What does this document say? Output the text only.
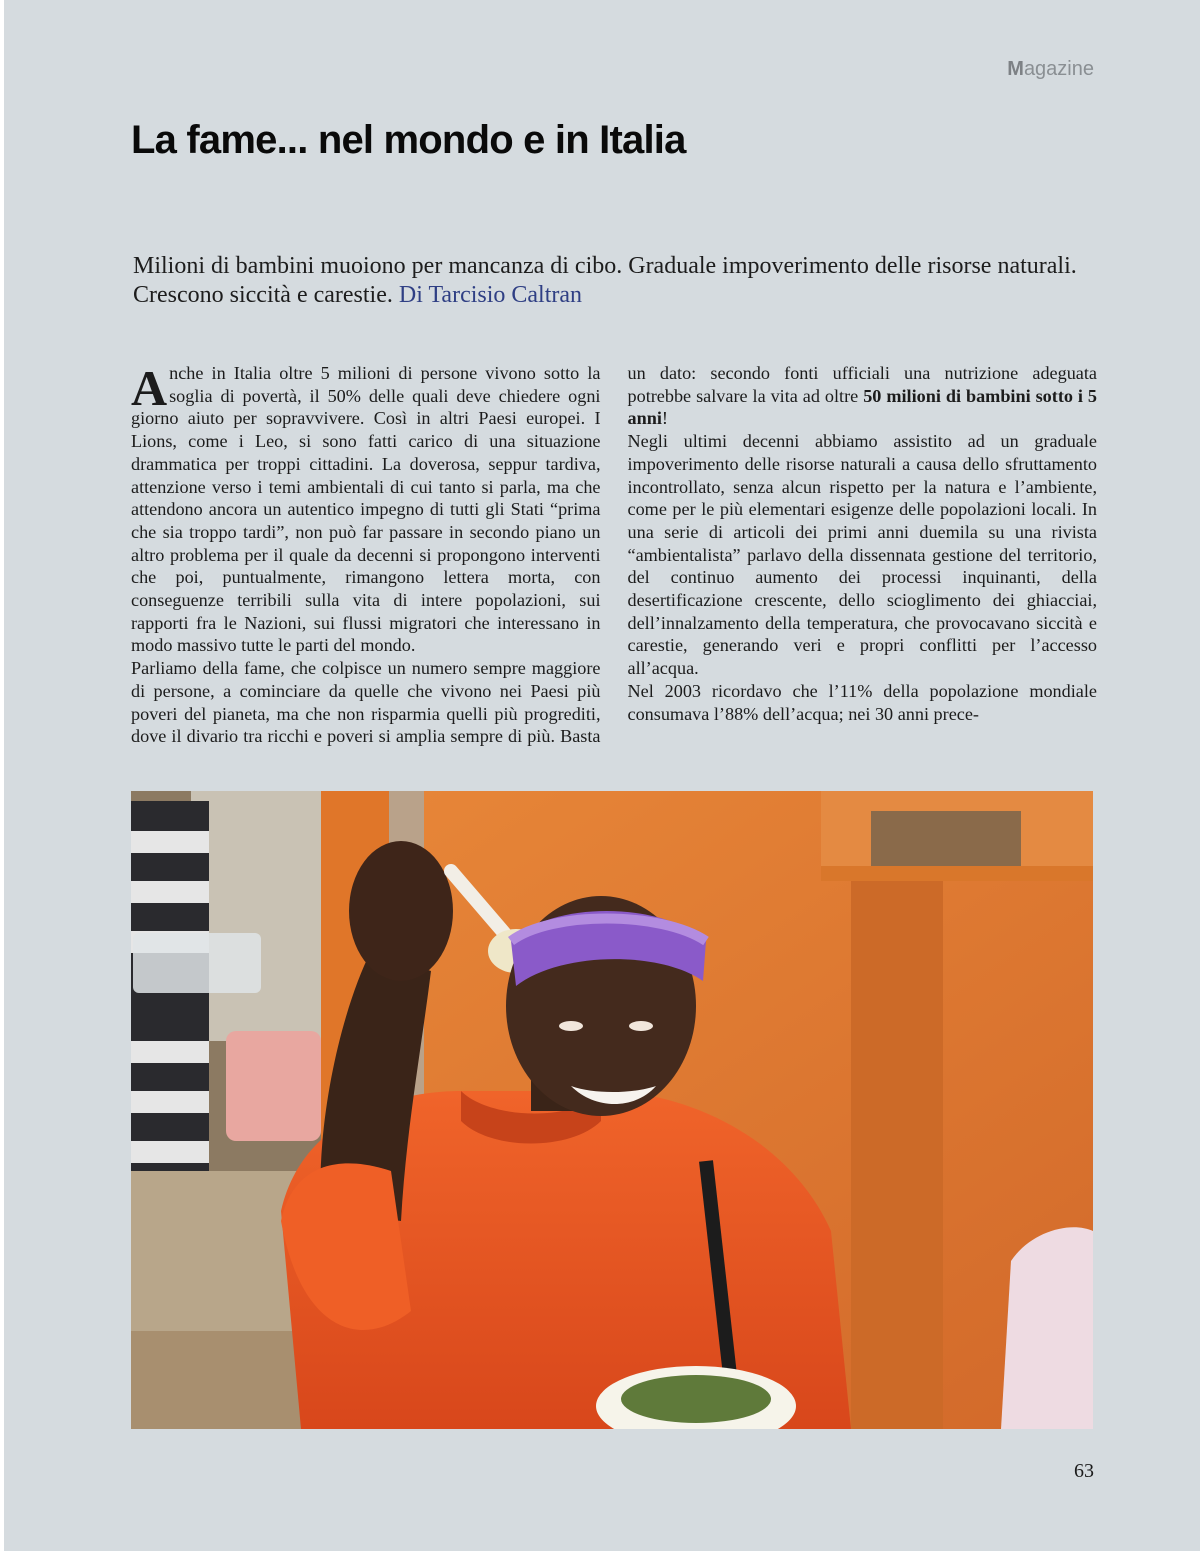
Magazine
La fame... nel mondo e in Italia

Milioni di bambini muoiono per mancanza di cibo. Graduale impoverimento delle risorse naturali. Crescono siccità e carestie. Di Tarcisio Caltran

Anche in Italia oltre 5 milioni di persone vivono sotto la soglia di povertà, il 50% delle quali deve chiedere ogni giorno aiuto per sopravvivere. Così in altri Paesi europei. I Lions, come i Leo, si sono fatti carico di una situazione drammatica per troppi cittadini. La doverosa, seppur tardiva, attenzione verso i temi ambientali di cui tanto si parla, ma che attendono ancora un autentico impegno di tutti gli Stati “prima che sia troppo tardi”, non può far passare in secondo piano un altro problema per il quale da decenni si propongono interventi che poi, puntualmente, rimangono lettera morta, con conseguenze terribili sulla vita di intere popolazioni, sui rapporti fra le Nazioni, sui flussi migratori che interessano in modo massivo tutte le parti del mondo.

Parliamo della fame, che colpisce un numero sempre maggiore di persone, a cominciare da quelle che vivono nei Paesi più poveri del pianeta, ma che non risparmia quelli più progrediti, dove il divario tra ricchi e poveri si amplia sempre di più. Basta un dato: secondo fonti ufficiali una nutrizione adeguata potrebbe salvare la vita ad oltre 50 milioni di bambini sotto i 5 anni!

Negli ultimi decenni abbiamo assistito ad un graduale impoverimento delle risorse naturali a causa dello sfruttamento incontrollato, senza alcun rispetto per la natura e l’ambiente, come per le più elementari esigenze delle popolazioni locali. In una serie di articoli dei primi anni duemila su una rivista “ambientalista” parlavo della dissennata gestione del territorio, del continuo aumento dei processi inquinanti, della desertificazione crescente, dello scioglimento dei ghiacciai, dell’innalzamento della temperatura, che provocavano siccità e carestie, generando veri e propri conflitti per l’accesso all’acqua.

Nel 2003 ricordavo che l’11% della popolazione mondiale consumava l’88% dell’acqua; nei 30 anni prece-

63
